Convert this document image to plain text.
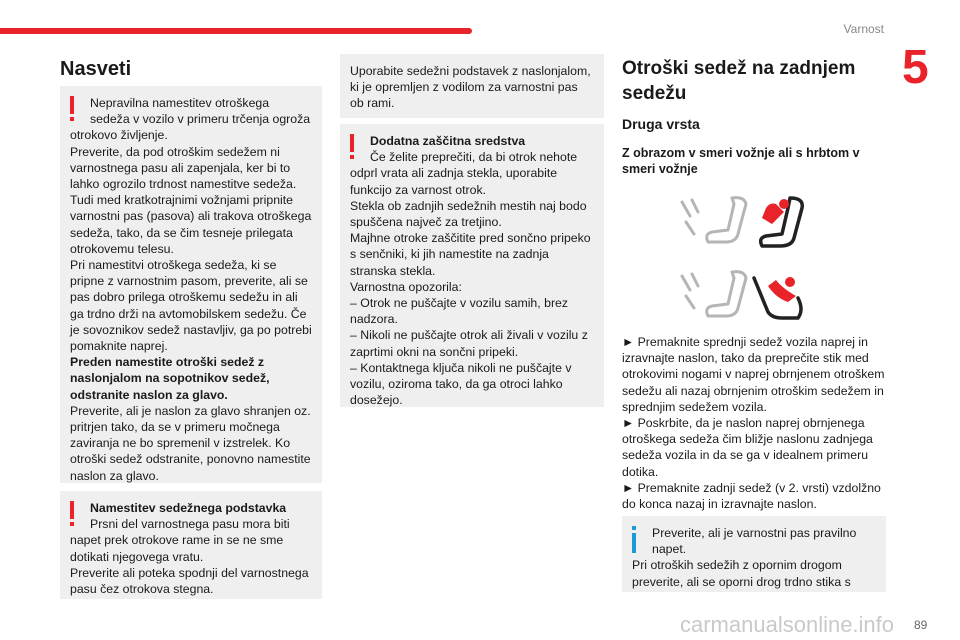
Varnost
5
Nasveti

Nepravilna namestitev otroškega sedeža v vozilo v primeru trčenja ogroža

otrokovo življenje.

Preverite, da pod otroškim sedežem ni varnostnega pasu ali zapenjala, ker bi to lahko ogrozilo trdnost namestitve sedeža.

Tudi med kratkotrajnimi vožnjami pripnite varnostni pas (pasova) ali trakova otroškega sedeža, tako, da se čim tesneje prilegata otrokovemu telesu.

Pri namestitvi otroškega sedeža, ki se pripne z varnostnim pasom, preverite, ali se pas dobro prilega otroškemu sedežu in ali ga trdno drži na avtomobilskem sedežu. Če je sovoznikov sedež nastavljiv, ga po potrebi pomaknite naprej.

Preden namestite otroški sedež z naslonjalom na sopotnikov sedež, odstranite naslon za glavo.

Preverite, ali je naslon za glavo shranjen oz. pritrjen tako, da se v primeru močnega zaviranja ne bo spremenil v izstrelek. Ko otroški sedež odstranite, ponovno namestite naslon za glavo.

Namestitev sedežnega podstavka

Prsni del varnostnega pasu mora biti

napet prek otrokove rame in se ne sme dotikati njegovega vratu.

Preverite ali poteka spodnji del varnostnega pasu čez otrokova stegna.

Uporabite sedežni podstavek z naslonjalom, ki je opremljen z vodilom za varnostni pas ob rami.

Dodatna zaščitna sredstva

Če želite preprečiti, da bi otrok nehote

odprl vrata ali zadnja stekla, uporabite funkcijo za varnost otrok.

Stekla ob zadnjih sedežnih mestih naj bodo spuščena največ za tretjino.

Majhne otroke zaščitite pred sončno pripeko s senčniki, ki jih namestite na zadnja stranska stekla.

Varnostna opozorila:

– Otrok ne puščajte v vozilu samih, brez nadzora.

– Nikoli ne puščajte otrok ali živali v vozilu z zaprtimi okni na sončni pripeki.

– Kontaktnega ključa nikoli ne puščajte v vozilu, oziroma tako, da ga otroci lahko dosežejo.

Otroški sedež na zadnjem sedežu
Druga vrsta
Z obrazom v smeri vožnje ali s hrbtom v smeri vožnje

► Premaknite sprednji sedež vozila naprej in izravnajte naslon, tako da preprečite stik med otrokovimi nogami v naprej obrnjenem otroškem sedežu ali nazaj obrnjenim otroškim sedežem in sprednjim sedežem vozila.

► Poskrbite, da je naslon naprej obrnjenega otroškega sedeža čim bližje naslonu zadnjega sedeža vozila in da se ga v idealnem primeru dotika.

► Premaknite zadnji sedež (v 2. vrsti) vzdolžno do konca nazaj in izravnajte naslon.

Preverite, ali je varnostni pas pravilno napet.

Pri otroških sedežih z opornim drogom preverite, ali se oporni drog trdno stika s

carmanualsonline.info 89
